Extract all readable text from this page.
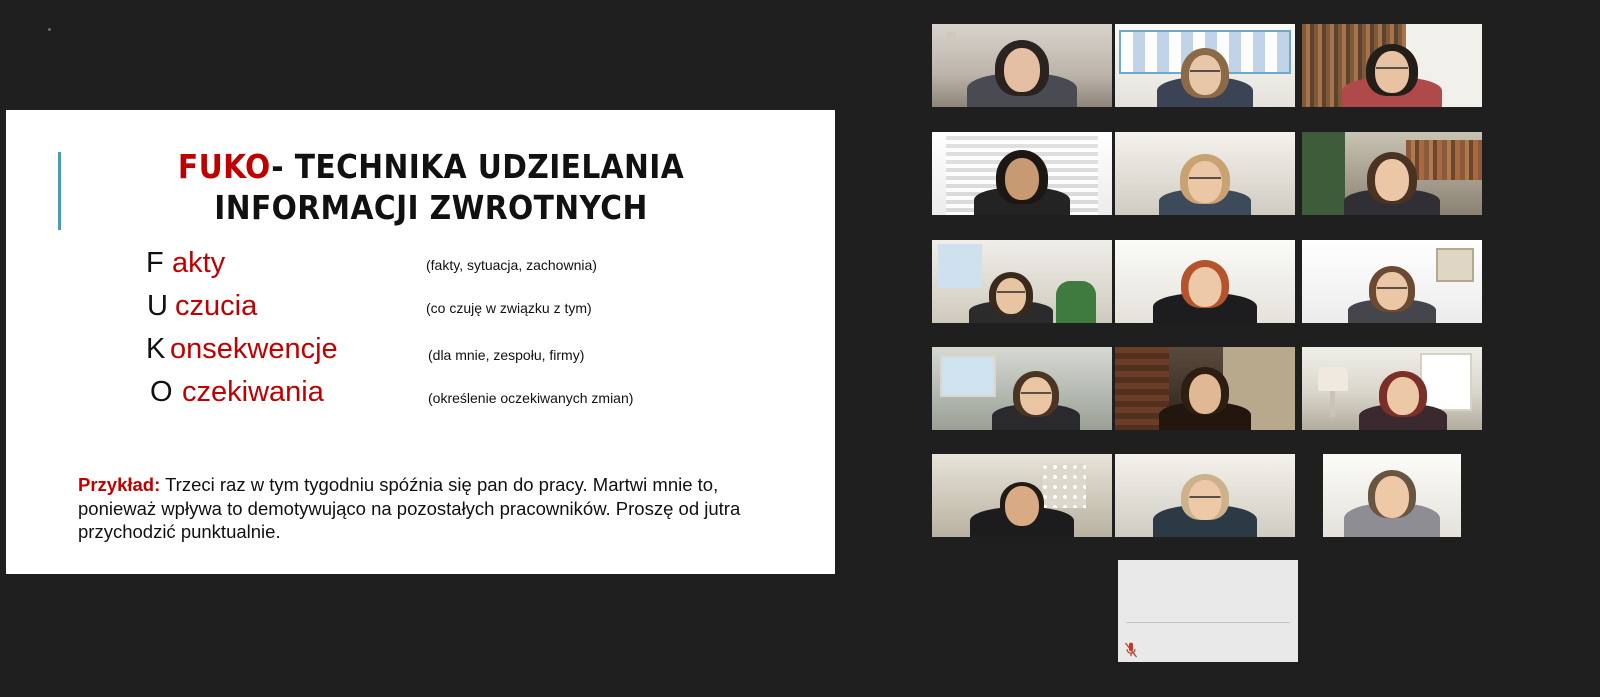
FUKO- TECHNIKA UDZIELANIA INFORMACJI ZWROTNYCH
F akty	(fakty, sytuacja, zachownia)
U czucia	(co czuję w związku z tym)
K onsekwencje	(dla mnie, zespołu, firmy)
O czekiwania	(określenie oczekiwanych zmian)
Przykład: Trzeci raz w tym tygodniu spóźnia się pan do pracy. Martwi mnie to, ponieważ wpływa to demotywująco na pozostałych pracowników. Proszę od jutra przychodzić punktualnie.
